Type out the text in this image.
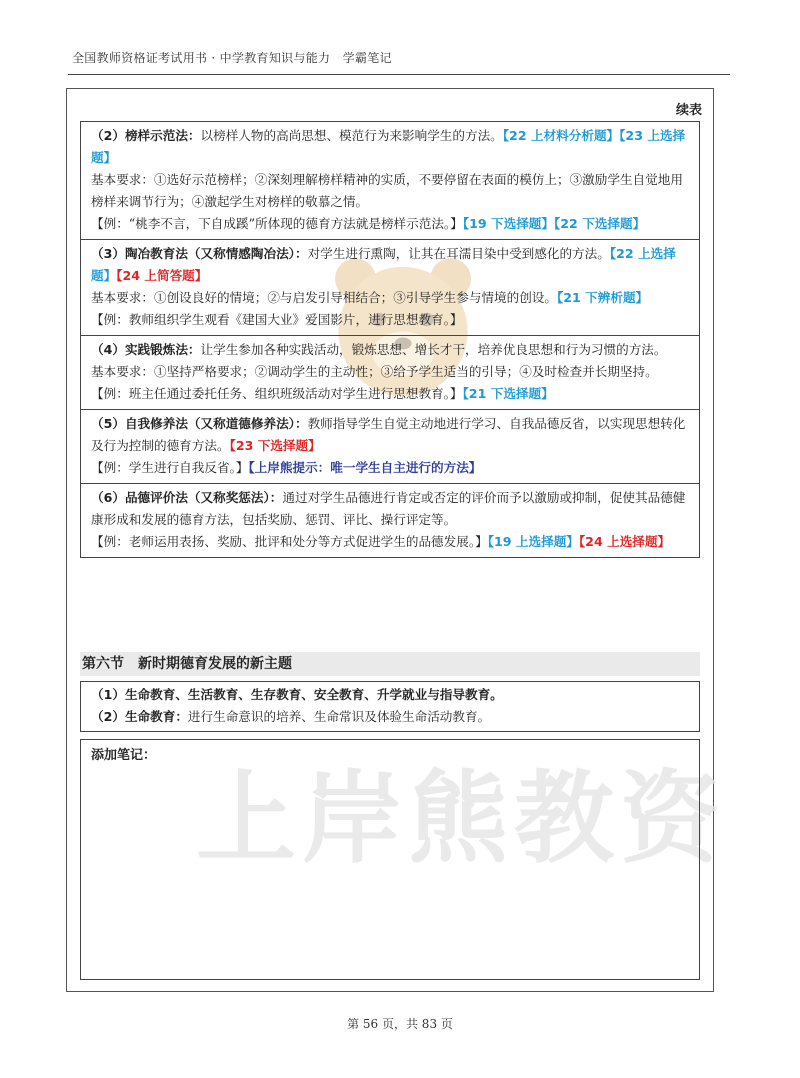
全国教师资格证考试用书 · 中学教育知识与能力　学霸笔记
上岸熊教资
续表

（2）榜样示范法：以榜样人物的高尚思想、模范行为来影响学生的方法。【22 上材料分析题】【23 上选择题】

基本要求：①选好示范榜样；②深刻理解榜样精神的实质，不要停留在表面的模仿上；③激励学生自觉地用榜样来调节行为；④激起学生对榜样的敬慕之情。

【例：“桃李不言，下自成蹊”所体现的德育方法就是榜样示范法。】【19 下选择题】【22 下选择题】

（3）陶冶教育法（又称情感陶冶法）：对学生进行熏陶，让其在耳濡目染中受到感化的方法。【22 上选择题】【24 上简答题】

基本要求：①创设良好的情境；②与启发引导相结合；③引导学生参与情境的创设。【21 下辨析题】

【例：教师组织学生观看《建国大业》爱国影片，进行思想教育。】

（4）实践锻炼法：让学生参加各种实践活动，锻炼思想、增长才干，培养优良思想和行为习惯的方法。

基本要求：①坚持严格要求；②调动学生的主动性；③给予学生适当的引导；④及时检查并长期坚持。

【例：班主任通过委托任务、组织班级活动对学生进行思想教育。】【21 下选择题】

（5）自我修养法（又称道德修养法）：教师指导学生自觉主动地进行学习、自我品德反省，以实现思想转化及行为控制的德育方法。【23 下选择题】

【例：学生进行自我反省。】【上岸熊提示：唯一学生自主进行的方法】

（6）品德评价法（又称奖惩法）：通过对学生品德进行肯定或否定的评价而予以激励或抑制，促使其品德健康形成和发展的德育方法，包括奖励、惩罚、评比、操行评定等。

【例：老师运用表扬、奖励、批评和处分等方式促进学生的品德发展。】【19 上选择题】【24 上选择题】

第六节　新时期德育发展的新主题

（1）生命教育、生活教育、生存教育、安全教育、升学就业与指导教育。

（2）生命教育：进行生命意识的培养、生命常识及体验生命活动教育。

添加笔记：
第 56 页，共 83 页
